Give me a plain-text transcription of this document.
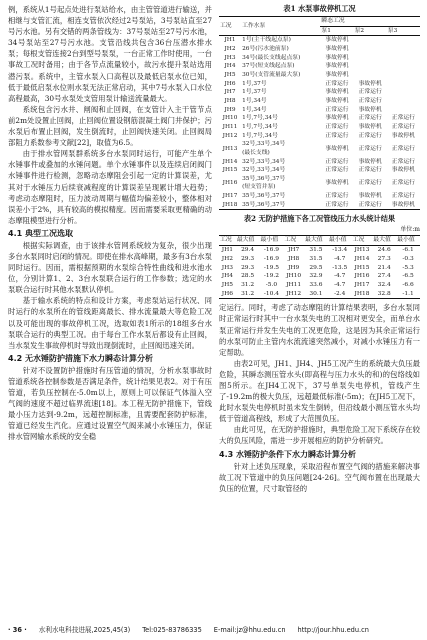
例，系统从1号起点处进行泵站给水，由主管管道进行输送，并相继与支管汇流，相连支管依次经过2号泵站，3号泵站直至27号污水池。另有交错的两条管线为：37号泵站至27号污水池，34号泵站至27号污水池。支管沿线共包含36台压潜水排水泵；每根支管连接2台到型号泵泵，一台正常工作时使用，一台事故工况时备用；由于各节点流量较小，故污水提升泵站选用潜污泵。系统中，主管水泵入口高程以及最低启泵水位已知，低于最低启泵水位则水泵无法正常启动，其中7号水泵入口水位高程最高，30号水泵处支管用泵计输送流量最大。

系统包含污水井、闸阀和止回阀，在支管计入主干管节点前2m处设置止回阀，止回阀位置设钢筋混凝土阀门井保护；污水泵后布置止回阀，发生倒流时，止回阀快速关闭。止回阀局部阻力系数参考文献[22]，取值为6.5。

由于排水管网泵群系统多台水泵同时运行，可能产生单个水锤事件或叠加的水锤问题。单个水锤事件以及连续启闭阀门水锤事件进行检测，忽略动态摩阻会引起一定的计算误差，尤其对于水锤压力后续衰减程度的计算误差呈现累计增大趋势；考虑动态摩阻时，压力波动周期与幅值均偏差较小，整体相对误差小于2%，具有较高的模拟精度。因而需要采取更精确的动态摩阻模型进行分析。

4.1 典型工况选取

根据实际调查，由于该排水管网系统较为复杂，很少出现多台水泵同时启闭的情况。即使在排水高峰期，最多有3台水泵同时运行。因而，需根据预期的水泵综合特性曲线和进水池水位，分别计算1、2、3台水泵联合运行的工作参数；选定的水泵联合运行时其他水泵默认停机。

基于输水系统的特点和设计方案，考虑泵站运行状况、同时运行的水泵所在的管线距离最长、排水流量最大等危险工况以及可能出现的事故停机工况，选取如表1所示的18组多台水泵联合运行的典型工况。由于每台工作水泵后都设有止回阀，当水泵发生事故停机时导致出现倒流时，止回阀迅速关闭。

4.2 无水锤防护措施下水力瞬态计算分析

针对不设置防护措施时有压管道的情况，分析水泵事故时管道系统各控制参数是否满足条件，统计结果见表2。对于有压管道，若负压控制在-5.0m以上，原则上可以保证气体溢入空气阀的速度不超过临界流速[18]。本工程无防护措施下，管线最小压力达到-9.2m，远超控制标准，且需要配套防护标准，管道已经发生汽化。应通过设置空气阀来减小水锤压力，保证排水管网输水系统的安全稳

表1 水泵事故停机工况
工况	工作水泵	瞬态工况		
		泵1	泵2	泵3
JH1	1号(主干线起点泵)	事故停机		
JH2	26号(污水池前泵)	事故停机		
JH3	34号(最长支线起点泵)	事故停机		
JH4	37号(短支线起点泵)	事故停机		
JH5	30号(支管流量最大泵)	事故停机		
JH6	1号,37号	正常运行	事故停机	
JH7	1号,37号	事故停机	正常运行	
JH8	1号,34号	事故停机	正常运行	
JH9	1号,34号	正常运行	事故停机	
JH10	1号,7号,34号	事故停机	正常运行	正常运行
JH11	1号,7号,34号	正常运行	事故停机	正常运行
JH12	1号,7号,34号	正常运行	正常运行	事故停机
JH13	32号,33号,34号
(最长支线)	事故停机	正常运行	正常运行
JH14	32号,33号,34号	正常运行	事故停机	正常运行
JH15	32号,33号,34号	正常运行	正常运行	事故停机
JH16	35号,36号,37号
(短支管并泵)	事故停机	正常运行	正常运行
JH17	35号,36号,37号	正常运行	事故停机	正常运行
JH18	35号,36号,37号	正常运行	正常运行	事故停机
表2 无防护措施下各工况管线压力水头统计结果
单位:m
工况	最大值	最小值	工况	最大值	最小值	工况	最大值	最小值
JH1	29.4	-16.9	JH7	31.5	-13.4	JH13	24.6	-6.1
JH2	29.3	-16.9	JH8	31.5	-4.7	JH14	27.3	-0.3
JH3	29.3	-19.5	JH9	29.5	-13.5	JH15	21.4	-5.3
JH4	28.5	-19.2	JH10	32.9	-4.7	JH16	27.4	-6.5
JH5	31.2	-5.0	JH11	33.6	-4.7	JH17	32.4	-6.6
JH6	31.2	-10.4	JH12	30.1	-2.4	JH18	32.8	-1.1

定运行。同时，考虑了动态摩阻的计算结果表明，多台水泵同时正常运行时其中一台水泵失电的工况相对更安全，而单台水泵正常运行并发生失电的工况更危险，这是因为其余正常运行的水泵可防止主管内水流流速突然减小，对减小水锤压力有一定帮助。

由表2可见，JH1、JH4、JH5工况产生的系统最大负压最危险，其瞬态测压管水头(即高程与压力水头的和)的包络线如图5所示。在JH4工况下，37号单泵失电停机，管线产生了-19.2m的极大负压，远超最低标准(-5m)；在JH5工况下，此时水泵失电停机时虽未发生倒转，但沿线最小测压管水头均低于管道高程线，形成了大范围负压。

由此可见，在无防护措施时，典型危险工况下系统存在较大的负压风险，需进一步开展相应的防护分析研究。

4.3 水锤防护条件下水力瞬态计算分析

针对上述负压现象，采取沿程布置空气阀的措施来解决事故工况下管道中的负压问题[24-26]。空气阀布置在出现最大负压的位置，尺寸取管径的

· 36 · 水利水电科技进展,2025,45(3) Tel:025-83786335 E-mail:jz@hhu.edu.cn http://jour.hhu.edu.cn
